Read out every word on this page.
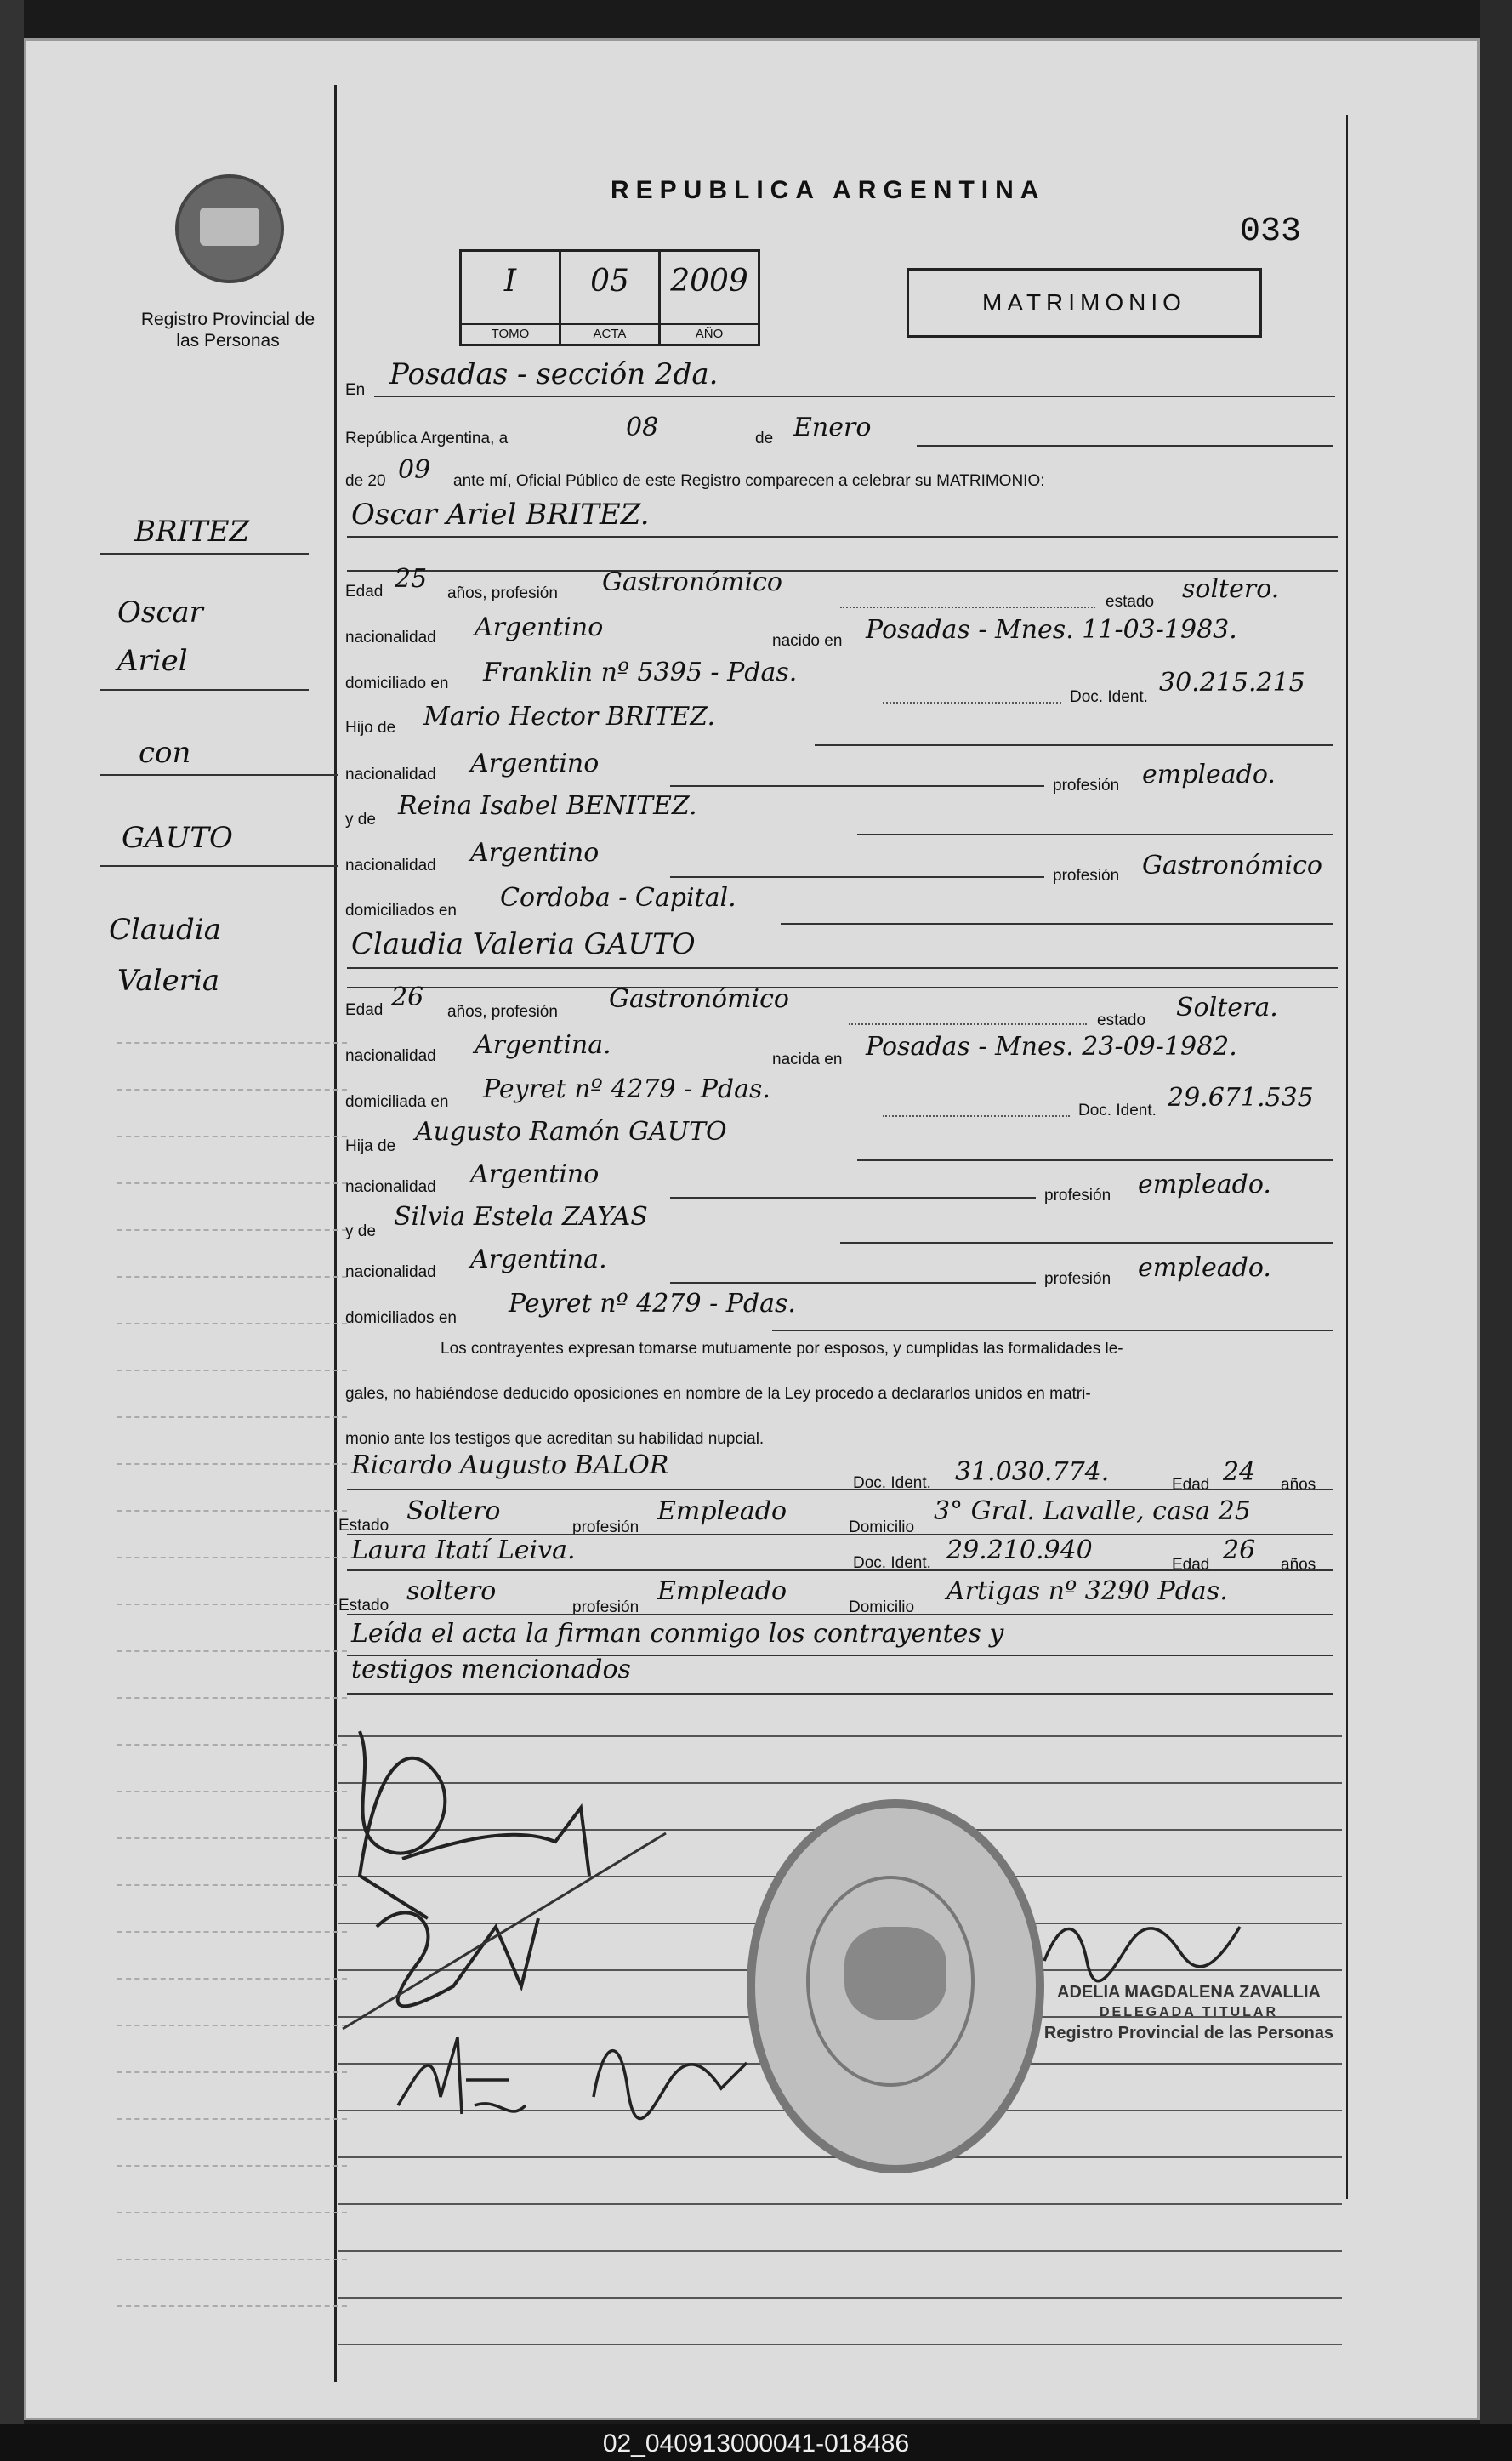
Registro Provincial de las Personas
REPUBLICA ARGENTINA
033
I
TOMO
05
ACTA
2009
AÑO
MATRIMONIO
BRITEZ
Oscar
Ariel
con
GAUTO
Claudia
Valeria
En Posadas - sección 2da.
República Argentina, a	08	de Enero
de 20 09 ante mí, Oficial Público de este Registro comparecen a celebrar su MATRIMONIO:
Oscar Ariel BRITEZ.
Edad 25 años, profesión Gastronómico
estado soltero.
nacionalidad Argentino	nacido en Posadas - Mnes. 11-03-1983.
domiciliado en Franklin nº 5395 - Pdas.
Doc. Ident. 30.215.215
Hijo de Mario Hector BRITEZ.
nacionalidad Argentino
profesión empleado.
y de Reina Isabel BENITEZ.
nacionalidad Argentino
profesión Gastronómico
domiciliados en Cordoba - Capital.
Claudia Valeria GAUTO
Edad 26 años, profesión Gastronómico
estado Soltera.
nacionalidad Argentina.	nacida en Posadas - Mnes. 23-09-1982.
domiciliada en Peyret nº 4279 - Pdas.
Doc. Ident. 29.671.535
Hija de Augusto Ramón GAUTO
nacionalidad Argentino
profesión empleado.
y de Silvia Estela ZAYAS
nacionalidad Argentina.
profesión empleado.
domiciliados en Peyret nº 4279 - Pdas.
Los contrayentes expresan tomarse mutuamente por esposos, y cumplidas las formalidades le-
gales, no habiéndose deducido oposiciones en nombre de la Ley procedo a declararlos unidos en matri-
monio ante los testigos que acreditan su habilidad nupcial.
Ricardo Augusto BALOR
Doc. Ident. 31.030.774.	Edad 24 años
Estado Soltero
profesión
Empleado
Domicilio
3° Gral. Lavalle, casa 25
Laura Itatí Leiva.	Doc. Ident. 29.210.940	Edad 26 años
Estado soltero
profesión
Empleado
Domicilio
Artigas nº 3290 Pdas.
Leída el acta la firman conmigo los contrayentes y
testigos mencionados
ADELIA MAGDALENA ZAVALLIA
DELEGADA TITULAR
Registro Provincial de las Personas
02_040913000041-018486
